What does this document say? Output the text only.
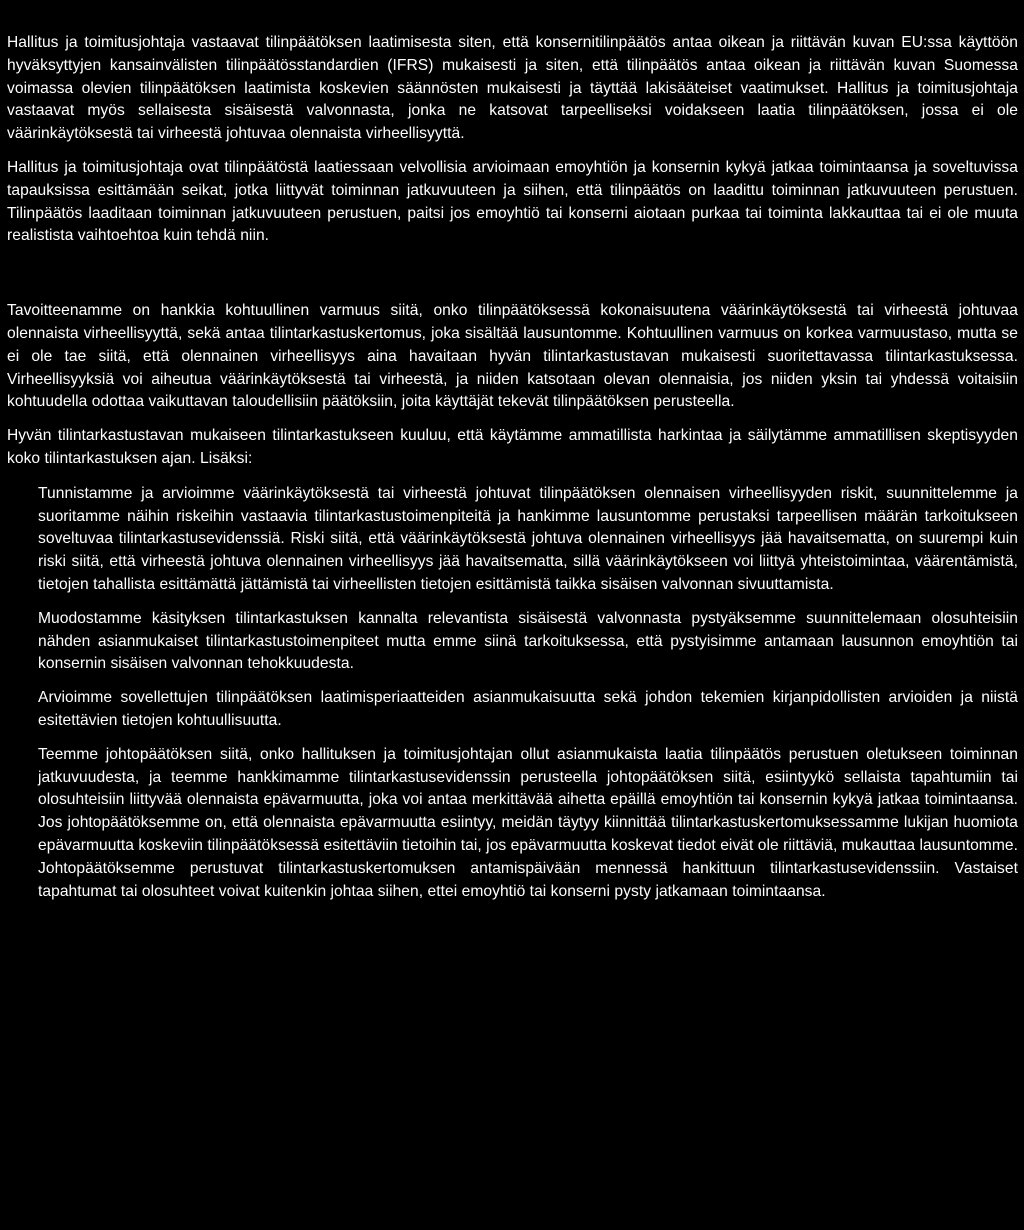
Hallitus ja toimitusjohtaja vastaavat tilinpäätöksen laatimisesta siten, että konsernitilinpäätös antaa oikean ja riittävän kuvan EU:ssa käyttöön hyväksyttyjen kansainvälisten tilinpäätösstandardien (IFRS) mukaisesti ja siten, että tilinpäätös antaa oikean ja riittävän kuvan Suomessa voimassa olevien tilinpäätöksen laatimista koskevien säännösten mukaisesti ja täyttää lakisääteiset vaatimukset. Hallitus ja toimitusjohtaja vastaavat myös sellaisesta sisäisestä valvonnasta, jonka ne katsovat tarpeelliseksi voidakseen laatia tilinpäätöksen, jossa ei ole väärinkäytöksestä tai virheestä johtuvaa olennaista virheellisyyttä.

Hallitus ja toimitusjohtaja ovat tilinpäätöstä laatiessaan velvollisia arvioimaan emoyhtiön ja konsernin kykyä jatkaa toimintaansa ja soveltuvissa tapauksissa esittämään seikat, jotka liittyvät toiminnan jatkuvuuteen ja siihen, että tilinpäätös on laadittu toiminnan jatkuvuuteen perustuen. Tilinpäätös laaditaan toiminnan jatkuvuuteen perustuen, paitsi jos emoyhtiö tai konserni aiotaan purkaa tai toiminta lakkauttaa tai ei ole muuta realistista vaihtoehtoa kuin tehdä niin.

Tavoitteenamme on hankkia kohtuullinen varmuus siitä, onko tilinpäätöksessä kokonaisuutena väärinkäytöksestä tai virheestä johtuvaa olennaista virheellisyyttä, sekä antaa tilintarkastuskertomus, joka sisältää lausuntomme. Kohtuullinen varmuus on korkea varmuustaso, mutta se ei ole tae siitä, että olennainen virheellisyys aina havaitaan hyvän tilintarkastustavan mukaisesti suoritettavassa tilintarkastuksessa. Virheellisyyksiä voi aiheutua väärinkäytöksestä tai virheestä, ja niiden katsotaan olevan olennaisia, jos niiden yksin tai yhdessä voitaisiin kohtuudella odottaa vaikuttavan taloudellisiin päätöksiin, joita käyttäjät tekevät tilinpäätöksen perusteella.

Hyvän tilintarkastustavan mukaiseen tilintarkastukseen kuuluu, että käytämme ammatillista harkintaa ja säilytämme ammatillisen skeptisyyden koko tilintarkastuksen ajan. Lisäksi:

Tunnistamme ja arvioimme väärinkäytöksestä tai virheestä johtuvat tilinpäätöksen olennaisen virheellisyyden riskit, suunnittelemme ja suoritamme näihin riskeihin vastaavia tilintarkastustoimenpiteitä ja hankimme lausuntomme perustaksi tarpeellisen määrän tarkoitukseen soveltuvaa tilintarkastusevidenssiä. Riski siitä, että väärinkäytöksestä johtuva olennainen virheellisyys jää havaitsematta, on suurempi kuin riski siitä, että virheestä johtuva olennainen virheellisyys jää havaitsematta, sillä väärinkäytökseen voi liittyä yhteistoimintaa, väärentämistä, tietojen tahallista esittämättä jättämistä tai virheellisten tietojen esittämistä taikka sisäisen valvonnan sivuuttamista.

Muodostamme käsityksen tilintarkastuksen kannalta relevantista sisäisestä valvonnasta pystyäksemme suunnittelemaan olosuhteisiin nähden asianmukaiset tilintarkastustoimenpiteet mutta emme siinä tarkoituksessa, että pystyisimme antamaan lausunnon emoyhtiön tai konsernin sisäisen valvonnan tehokkuudesta.

Arvioimme sovellettujen tilinpäätöksen laatimisperiaatteiden asianmukaisuutta sekä johdon tekemien kirjanpidollisten arvioiden ja niistä esitettävien tietojen kohtuullisuutta.

Teemme johtopäätöksen siitä, onko hallituksen ja toimitusjohtajan ollut asianmukaista laatia tilinpäätös perustuen oletukseen toiminnan jatkuvuudesta, ja teemme hankkimamme tilintarkastusevidenssin perusteella johtopäätöksen siitä, esiintyykö sellaista tapahtumiin tai olosuhteisiin liittyvää olennaista epävarmuutta, joka voi antaa merkittävää aihetta epäillä emoyhtiön tai konsernin kykyä jatkaa toimintaansa. Jos johtopäätöksemme on, että olennaista epävarmuutta esiintyy, meidän täytyy kiinnittää tilintarkastuskertomuksessamme lukijan huomiota epävarmuutta koskeviin tilinpäätöksessä esitettäviin tietoihin tai, jos epävarmuutta koskevat tiedot eivät ole riittäviä, mukauttaa lausuntomme. Johtopäätöksemme perustuvat tilintarkastuskertomuksen antamispäivään mennessä hankittuun tilintarkastusevidenssiin. Vastaiset tapahtumat tai olosuhteet voivat kuitenkin johtaa siihen, ettei emoyhtiö tai konserni pysty jatkamaan toimintaansa.
